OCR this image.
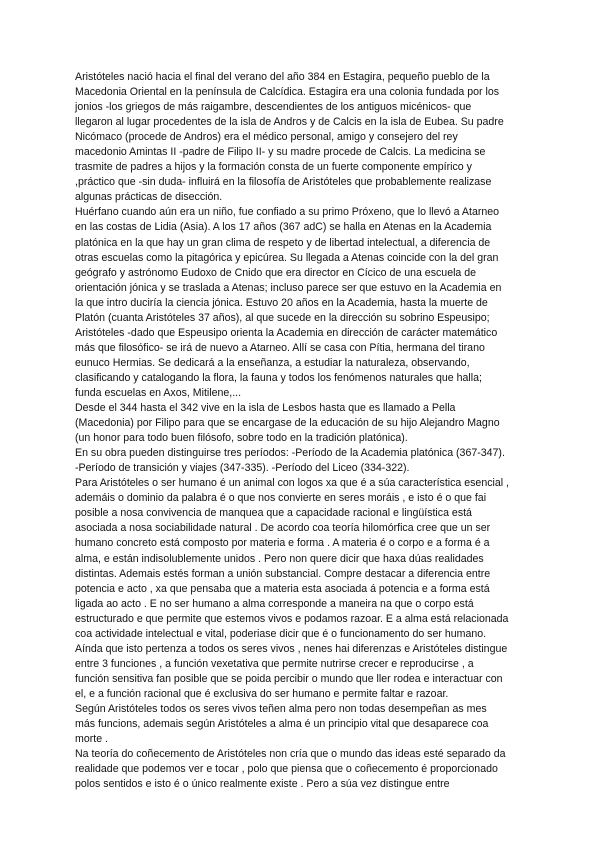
Aristóteles nació hacia el final del verano del año 384 en Estagira, pequeño pueblo de la
Macedonia Oriental en la península de Calcídica. Estagira era una colonia fundada por los
jonios -los griegos de más raigambre, descendientes de los antiguos micénicos- que
llegaron al lugar procedentes de la isla de Andros y de Calcis en la isla de Eubea. Su padre
Nicómaco (procede de Andros) era el médico personal, amigo y consejero del rey
macedonio Amintas II -padre de Filipo II- y su madre procede de Calcis. La medicina se
trasmite de padres a hijos y la formación consta de un fuerte componente empírico y
,práctico que -sin duda- influirá en la filosofía de Aristóteles que probablemente realizase
algunas prácticas de disección.
Huérfano cuando aún era un niño, fue confiado a su primo Próxeno, que lo llevó a Atarneo
en las costas de Lidia (Asia). A los 17 años (367 adC) se halla en Atenas en la Academia
platónica en la que hay un gran clima de respeto y de libertad intelectual, a diferencia de
otras escuelas como la pitagórica y epicúrea. Su llegada a Atenas coincide con la del gran
geógrafo y astrónomo Eudoxo de Cnido que era director en Cícico de una escuela de
orientación jónica y se traslada a Atenas; incluso parece ser que estuvo en la Academia en
la que intro duciría la ciencia jónica. Estuvo 20 años en la Academia, hasta la muerte de
Platón (cuanta Aristóteles 37 años), al que sucede en la dirección su sobrino Espeusipo;
Aristóteles -dado que Espeusipo orienta la Academia en dirección de carácter matemático
más que filosófico- se irá de nuevo a Atarneo. Allí se casa con Pítia, hermana del tirano
eunuco Hermias. Se dedicará a la enseñanza, a estudiar la naturaleza, observando,
clasificando y catalogando la flora, la fauna y todos los fenómenos naturales que halla;
funda escuelas en Axos, Mitilene,...
Desde el 344 hasta el 342 vive en la isla de Lesbos hasta que es llamado a Pella
(Macedonia) por Filipo para que se encargase de la educación de su hijo Alejandro Magno
(un honor para todo buen filósofo, sobre todo en la tradición platónica).
En su obra pueden distinguirse tres períodos: -Período de la Academia platónica (367-347).
-Período de transición y viajes (347-335). -Período del Liceo (334-322).
Para Aristóteles o ser humano é un animal con logos xa que é a súa característica esencial ,
ademáis o dominio da palabra é o que nos convierte en seres moráis , e isto é o que fai
posible a nosa convivencia de manquea que a capacidade racional e lingüística está
asociada a nosa sociabilidade natural . De acordo coa teoría hilomórfica cree que un ser
humano concreto está composto por materia e forma . A materia é o corpo e a forma é a
alma, e están indisolublemente unidos . Pero non quere dicir que haxa dúas realidades
distintas. Ademais estés forman a unión substancial. Compre destacar a diferencia entre
potencia e acto , xa que pensaba que a materia esta asociada á potencia e a forma está
ligada ao acto . E no ser humano a alma corresponde a maneira na que o corpo está
estructurado e que permite que estemos vivos e podamos razoar. E a alma está relacionada
coa actividade intelectual e vital, poderiase dicir que é o funcionamento do ser humano.
Aínda que isto pertenza a todos os seres vivos , nenes hai diferenzas e Aristóteles distingue
entre 3 funciones , a función vexetativa que permite nutrirse crecer e reproducirse , a
función sensitiva fan posible que se poida percibir o mundo que ller rodea e interactuar con
el, e a función racional que é exclusiva do ser humano e permite faltar e razoar.
Según Aristóteles todos os seres vivos teñen alma pero non todas desempeñan as mes
más funcions, ademais según Aristóteles a alma é un principio vital que desaparece coa
morte .
Na teoría do coñecemento de Aristóteles non cría que o mundo das ideas esté separado da
realidade que podemos ver e tocar , polo que piensa que o coñecemento é proporcionado
polos sentidos e isto é o único realmente existe . Pero a súa vez distingue entre
